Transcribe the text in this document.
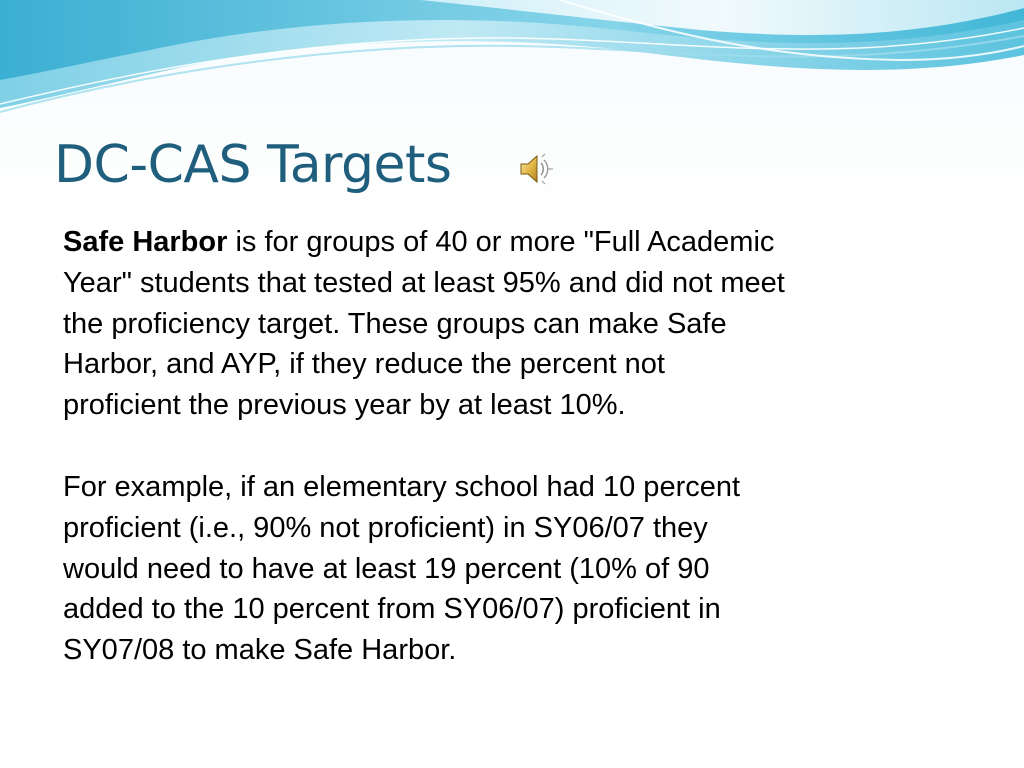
DC-CAS Targets

Safe Harbor is for groups of 40 or more "Full Academic
Year" students that tested at least 95% and did not meet
the proficiency target. These groups can make Safe
Harbor, and AYP, if they reduce the percent not
proficient the previous year by at least 10%.

For example, if an elementary school had 10 percent
proficient (i.e., 90% not proficient) in SY06/07 they
would need to have at least 19 percent (10% of 90
added to the 10 percent from SY06/07) proficient in
SY07/08 to make Safe Harbor.
